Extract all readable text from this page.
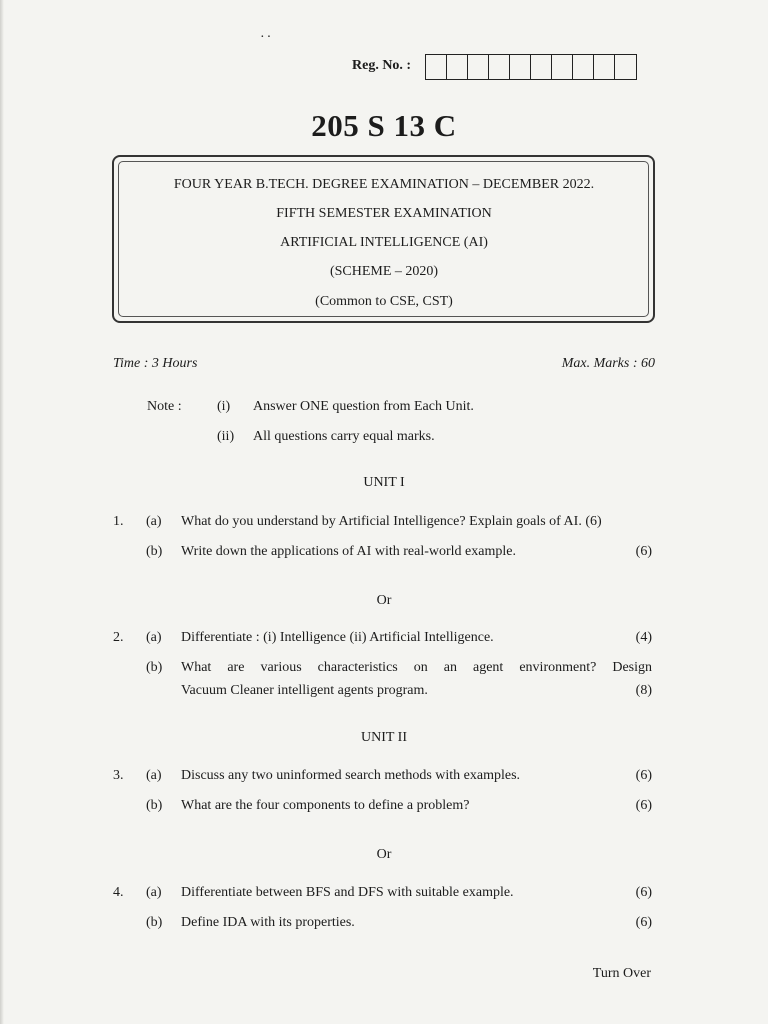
··
Reg. No. :
205 S 13 C
FOUR YEAR B.TECH. DEGREE EXAMINATION – DECEMBER 2022.
FIFTH SEMESTER EXAMINATION
ARTIFICIAL INTELLIGENCE (AI)
(SCHEME – 2020)
(Common to CSE, CST)
Time : 3 Hours	Max. Marks : 60
Note :	(i) Answer ONE question from Each Unit.
(ii) All questions carry equal marks.
UNIT I
1. (a) What do you understand by Artificial Intelligence? Explain goals of AI. (6)
(b) Write down the applications of AI with real-world example.	(6)
Or
2. (a) Differentiate : (i) Intelligence (ii) Artificial Intelligence.	(4)
(b) What are various characteristics on an agent environment? Design
Vacuum Cleaner intelligent agents program.	(8)
UNIT II
3. (a) Discuss any two uninformed search methods with examples.	(6)
(b) What are the four components to define a problem?	(6)
Or
4. (a) Differentiate between BFS and DFS with suitable example.	(6)
(b) Define IDA with its properties.	(6)
Turn Over
